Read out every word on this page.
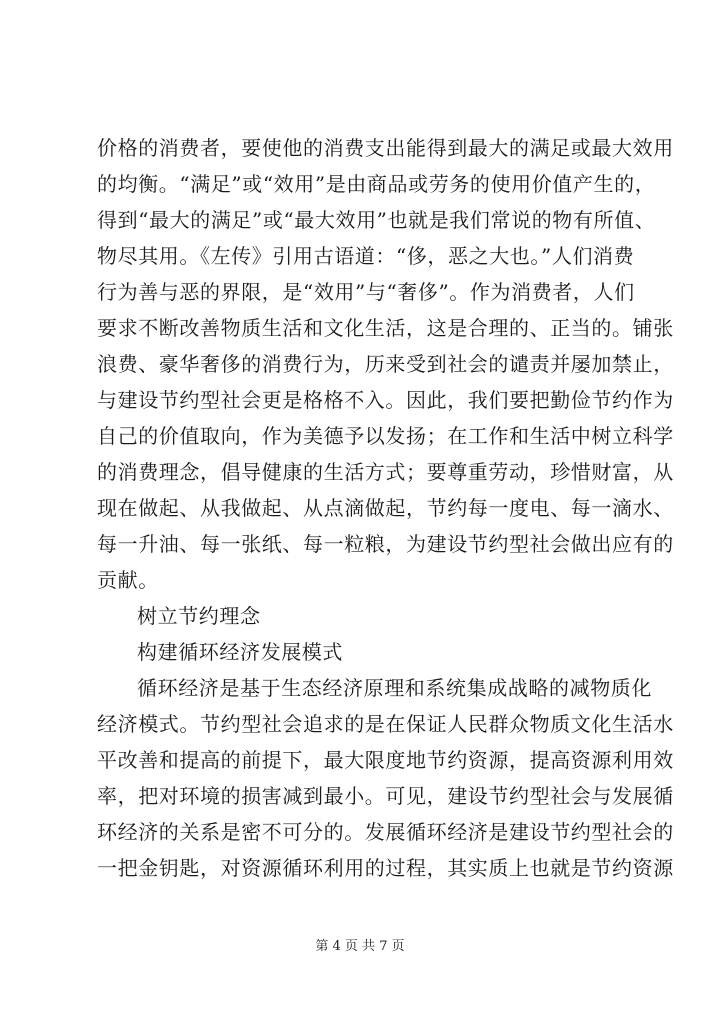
价格的消费者，要使他的消费支出能得到最大的满足或最大效用
的均衡。“满足”或“效用”是由商品或劳务的使用价值产生的，
得到“最大的满足”或“最大效用”也就是我们常说的物有所值、
物尽其用。《左传》引用古语道：“侈，恶之大也。”人们消费
行为善与恶的界限，是“效用”与“奢侈”。作为消费者，人们
要求不断改善物质生活和文化生活，这是合理的、正当的。铺张
浪费、豪华奢侈的消费行为，历来受到社会的谴责并屡加禁止，
与建设节约型社会更是格格不入。因此，我们要把勤俭节约作为
自己的价值取向，作为美德予以发扬；在工作和生活中树立科学
的消费理念，倡导健康的生活方式；要尊重劳动，珍惜财富，从
现在做起、从我做起、从点滴做起，节约每一度电、每一滴水、
每一升油、每一张纸、每一粒粮，为建设节约型社会做出应有的
贡献。
树立节约理念
构建循环经济发展模式
循环经济是基于生态经济原理和系统集成战略的减物质化
经济模式。节约型社会追求的是在保证人民群众物质文化生活水
平改善和提高的前提下，最大限度地节约资源，提高资源利用效
率，把对环境的损害减到最小。可见，建设节约型社会与发展循
环经济的关系是密不可分的。发展循环经济是建设节约型社会的
一把金钥匙，对资源循环利用的过程，其实质上也就是节约资源
第 4 页 共 7 页
